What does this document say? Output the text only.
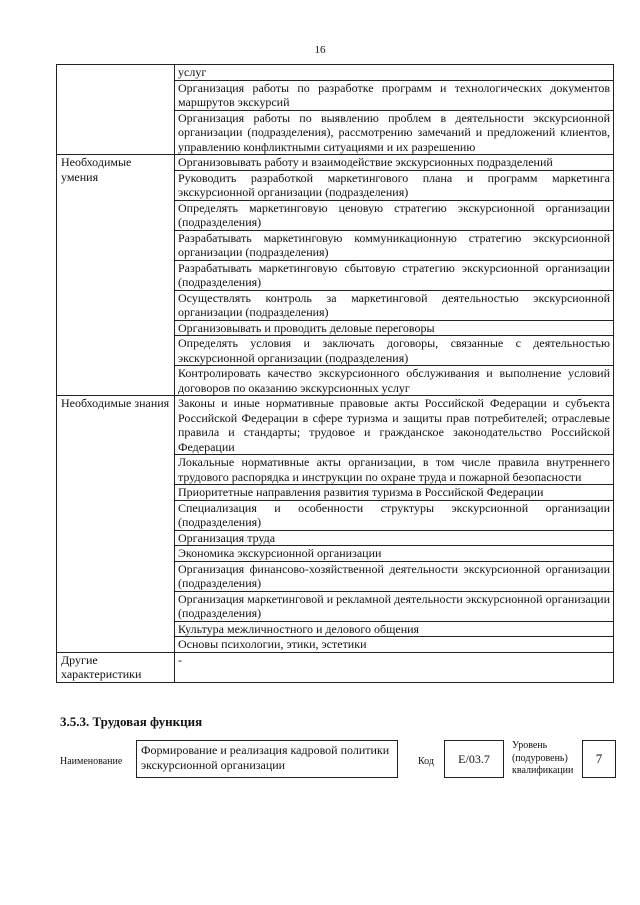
16
	услуг
	Организация работы по разработке программ и технологических документов маршрутов экскурсий
	Организация работы по выявлению проблем в деятельности экскурсионной организации (подразделения), рассмотрению замечаний и предложений клиентов, управлению конфликтными ситуациями и их разрешению
Необходимые умения	Организовывать работу и взаимодействие экскурсионных подразделений
	Руководить разработкой маркетингового плана и программ маркетинга экскурсионной организации (подразделения)
	Определять маркетинговую ценовую стратегию экскурсионной организации (подразделения)
	Разрабатывать маркетинговую коммуникационную стратегию экскурсионной организации (подразделения)
	Разрабатывать маркетинговую сбытовую стратегию экскурсионной организации (подразделения)
	Осуществлять контроль за маркетинговой деятельностью экскурсионной организации (подразделения)
	Организовывать и проводить деловые переговоры
	Определять условия и заключать договоры, связанные с деятельностью экскурсионной организации (подразделения)
	Контролировать качество экскурсионного обслуживания и выполнение условий договоров по оказанию экскурсионных услуг
Необходимые знания	Законы и иные нормативные правовые акты Российской Федерации и субъекта Российской Федерации в сфере туризма и защиты прав потребителей; отраслевые правила и стандарты; трудовое и гражданское законодательство Российской Федерации
	Локальные нормативные акты организации, в том числе правила внутреннего трудового распорядка и инструкции по охране труда и пожарной безопасности
	Приоритетные направления развития туризма в Российской Федерации
	Специализация и особенности структуры экскурсионной организации (подразделения)
	Организация труда
	Экономика экскурсионной организации
	Организация финансово-хозяйственной деятельности экскурсионной организации (подразделения)
	Организация маркетинговой и рекламной деятельности экскурсионной организации (подразделения)
	Культура межличностного и делового общения
	Основы психологии, этики, эстетики
Другие характеристики	-
3.5.3. Трудовая функция
Наименование
Формирование и реализация кадровой политики экскурсионной организации	Код	E/03.7
Уровень (подуровень) квалификации
7
